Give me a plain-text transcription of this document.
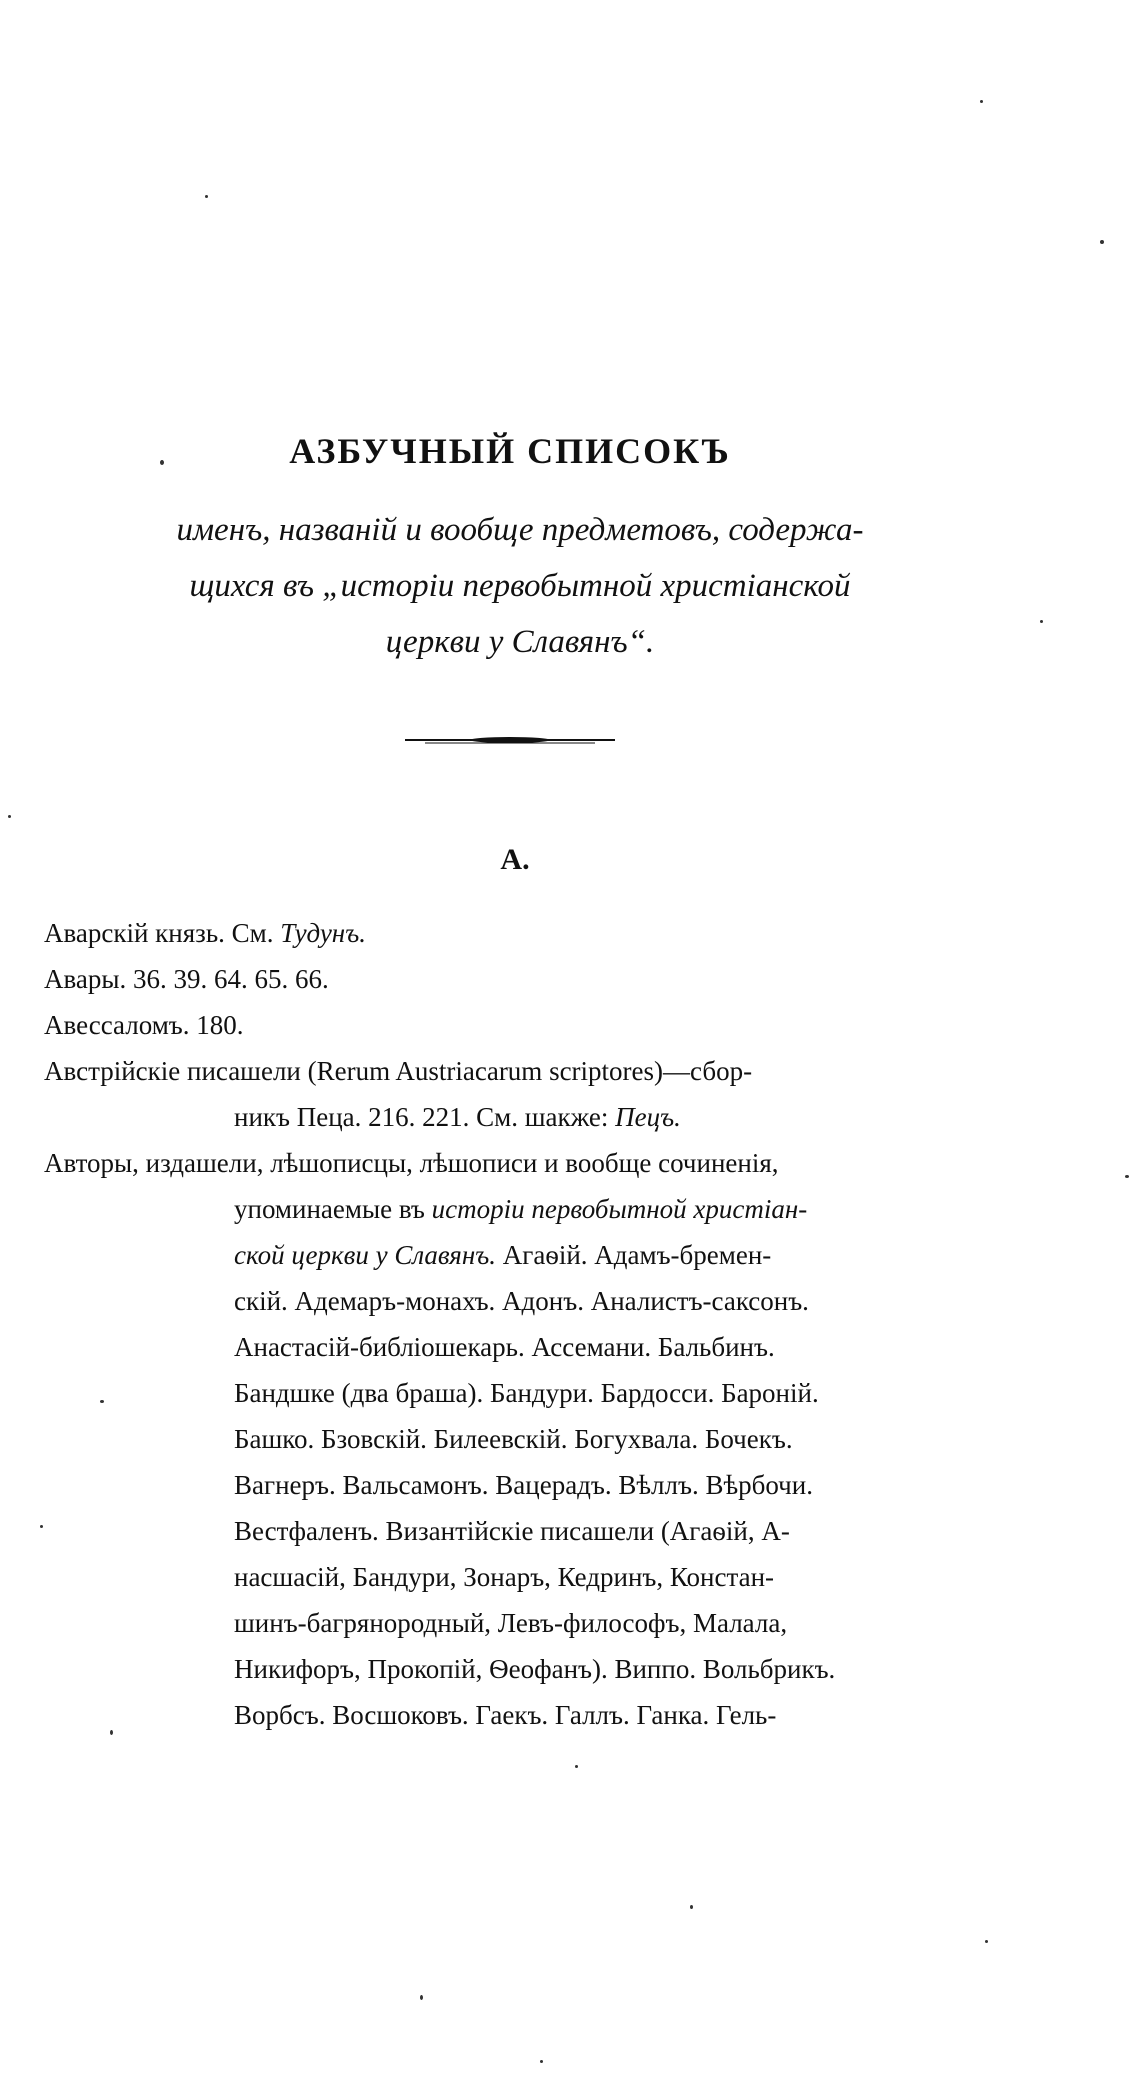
АЗБУЧНЫЙ СПИСОКЪ
именъ, названій и вообще предметовъ, содержа-
щихся въ „исторіи первобытной христіанской
церкви у Славянъ“.
А.
Аварскій князь. См. Тудунъ.
Авары. 36. 39. 64. 65. 66.
Авессаломъ. 180.
Австрійскіе писашели (Rerum Austriacarum scriptores)—сбор-
никъ Пеца. 216. 221. См. шакже: Пецъ.
Авторы, издашели, лѣшописцы, лѣшописи и вообще сочиненія,
упоминаемые въ исторіи первобытной христіан-
ской церкви у Славянъ. Агаѳій. Адамъ-бремен-
скій. Адемаръ-монахъ. Адонъ. Аналистъ-саксонъ.
Анастасій-библіошекарь. Ассемани. Бальбинъ.
Бандшке (два браша). Бандури. Бардосси. Бароній.
Башко. Бзовскій. Билеевскій. Богухвала. Бочекъ.
Вагнеръ. Вальсамонъ. Вацерадъ. Вѣллъ. Вѣрбочи.
Вестфаленъ. Византійскіе писашели (Агаѳій, А-
насшасій, Бандури, Зонаръ, Кедринъ, Констан-
шинъ-багрянородный, Левъ-философъ, Малала,
Никифоръ, Прокопій, Ѳеофанъ). Виппо. Вольбрикъ.
Ворбсъ. Восшоковъ. Гаекъ. Галлъ. Ганка. Гель-
